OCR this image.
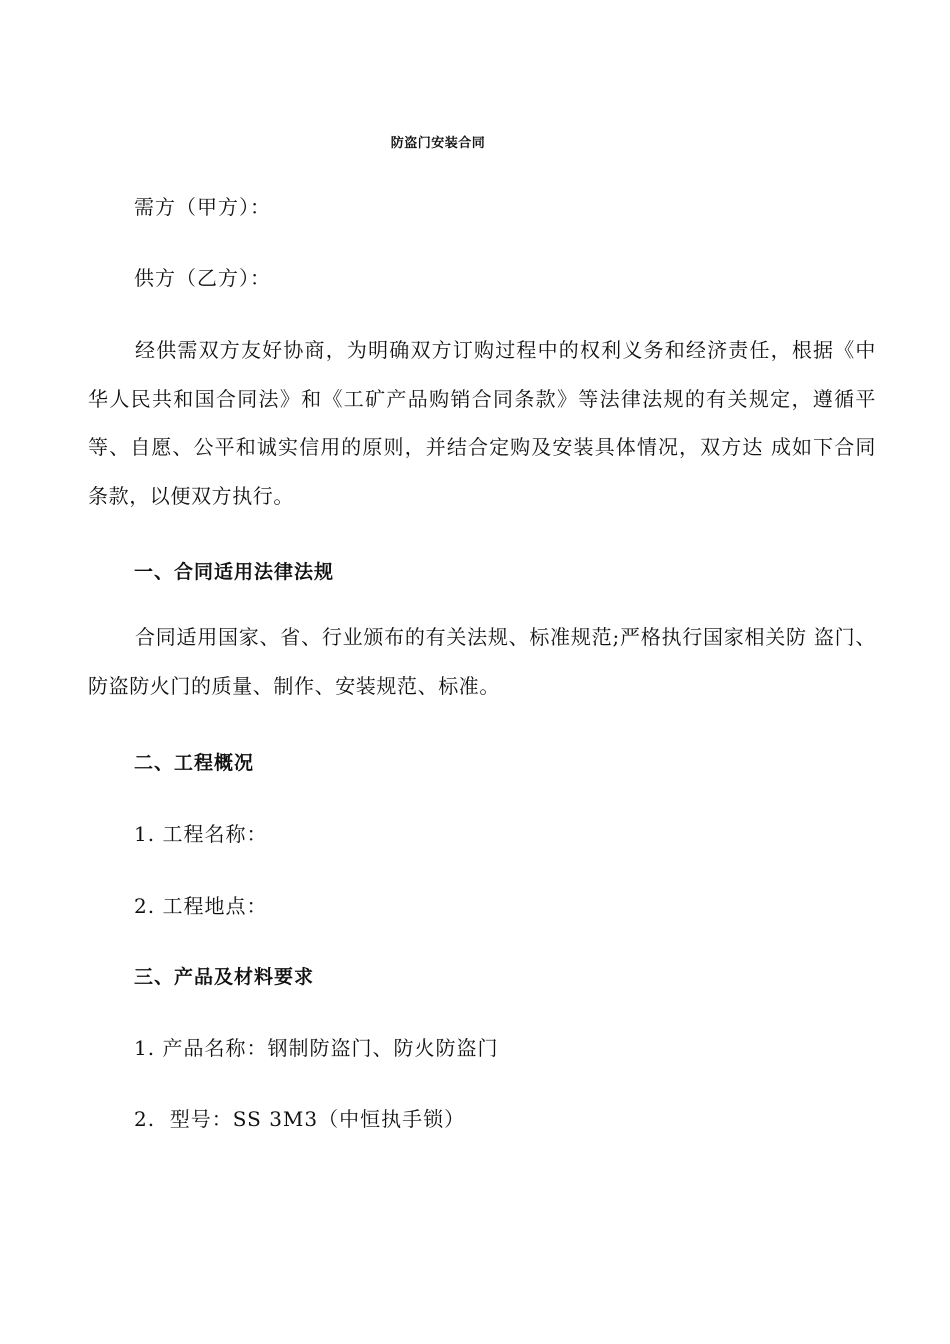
防盗门安装合同
需方（甲方）：
供方（乙方）：
经供需双方友好协商，为明确双方订购过程中的权利义务和经济责任，根据《中华人民共和国合同法》和《工矿产品购销合同条款》等法律法规的有关规定，遵循平等、自愿、公平和诚实信用的原则，并结合定购及安装具体情况，双方达 成如下合同条款，以便双方执行。
一、合同适用法律法规
合同适用国家、省、行业颁布的有关法规、标准规范;严格执行国家相关防 盗门、防盗防火门的质量、制作、安装规范、标准。
二、工程概况
1. 工程名称：
2. 工程地点：
三、产品及材料要求
1. 产品名称：钢制防盗门、防火防盗门
2.  型号：SS 3M3（中恒执手锁）
